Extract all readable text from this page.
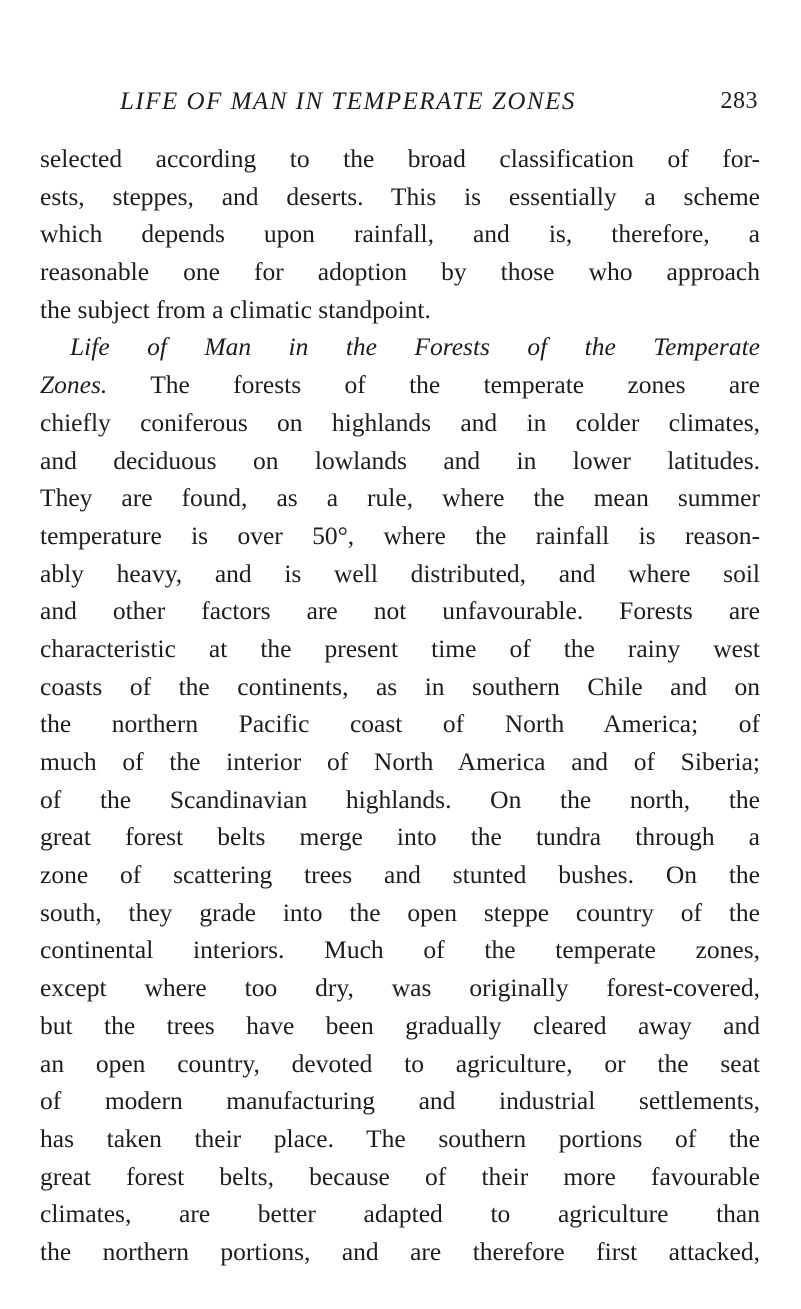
LIFE OF MAN IN TEMPERATE ZONES	283
selected according to the broad classification of for-
ests, steppes, and deserts. This is essentially a scheme
which depends upon rainfall, and is, therefore, a
reasonable one for adoption by those who approach
the subject from a climatic standpoint.
Life of Man in the Forests of the Temperate
Zones. The forests of the temperate zones are
chiefly coniferous on highlands and in colder climates,
and deciduous on lowlands and in lower latitudes.
They are found, as a rule, where the mean summer
temperature is over 50°, where the rainfall is reason-
ably heavy, and is well distributed, and where soil
and other factors are not unfavourable. Forests are
characteristic at the present time of the rainy west
coasts of the continents, as in southern Chile and on
the northern Pacific coast of North America; of
much of the interior of North America and of Siberia;
of the Scandinavian highlands. On the north, the
great forest belts merge into the tundra through a
zone of scattering trees and stunted bushes. On the
south, they grade into the open steppe country of the
continental interiors. Much of the temperate zones,
except where too dry, was originally forest-covered,
but the trees have been gradually cleared away and
an open country, devoted to agriculture, or the seat
of modern manufacturing and industrial settlements,
has taken their place. The southern portions of the
great forest belts, because of their more favourable
climates, are better adapted to agriculture than
the northern portions, and are therefore first attacked,
